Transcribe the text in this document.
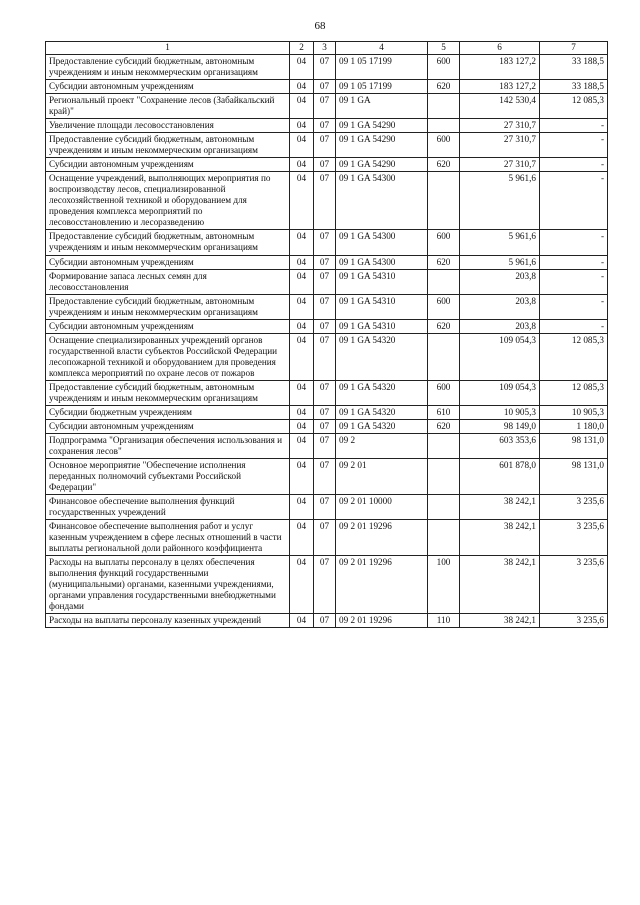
68
1	2	3	4	5	6	7
Предоставление субсидий бюджетным, автономным учреждениям и иным некоммерческим организациям	04	07	09 1 05 17199	600	183 127,2	33 188,5
Субсидии автономным учреждениям	04	07	09 1 05 17199	620	183 127,2	33 188,5
Региональный проект "Сохранение лесов (Забайкальский край)"	04	07	09 1 GA		142 530,4	12 085,3
Увеличение площади лесовосстановления	04	07	09 1 GA 54290		27 310,7	-
Предоставление субсидий бюджетным, автономным учреждениям и иным некоммерческим организациям	04	07	09 1 GA 54290	600	27 310,7	-
Субсидии автономным учреждениям	04	07	09 1 GA 54290	620	27 310,7	-
Оснащение учреждений, выполняющих мероприятия по воспроизводству лесов, специализированной лесохозяйственной техникой и оборудованием для проведения комплекса мероприятий по лесовосстановлению и лесоразведению	04	07	09 1 GA 54300		5 961,6	-
Предоставление субсидий бюджетным, автономным учреждениям и иным некоммерческим организациям	04	07	09 1 GA 54300	600	5 961,6	-
Субсидии автономным учреждениям	04	07	09 1 GA 54300	620	5 961,6	-
Формирование запаса лесных семян для лесовосстановления	04	07	09 1 GA 54310		203,8	-
Предоставление субсидий бюджетным, автономным учреждениям и иным некоммерческим организациям	04	07	09 1 GA 54310	600	203,8	-
Субсидии автономным учреждениям	04	07	09 1 GA 54310	620	203,8	-
Оснащение специализированных учреждений органов государственной власти субъектов Российской Федерации лесопожарной техникой и оборудованием для проведения комплекса мероприятий по охране лесов от пожаров	04	07	09 1 GA 54320		109 054,3	12 085,3
Предоставление субсидий бюджетным, автономным учреждениям и иным некоммерческим организациям	04	07	09 1 GA 54320	600	109 054,3	12 085,3
Субсидии бюджетным учреждениям	04	07	09 1 GA 54320	610	10 905,3	10 905,3
Субсидии автономным учреждениям	04	07	09 1 GA 54320	620	98 149,0	1 180,0
Подпрограмма "Организация обеспечения использования и сохранения лесов"	04	07	09 2		603 353,6	98 131,0
Основное мероприятие "Обеспечение исполнения переданных полномочий субъектами Российской Федерации"	04	07	09 2 01		601 878,0	98 131,0
Финансовое обеспечение выполнения функций государственных учреждений	04	07	09 2 01 10000		38 242,1	3 235,6
Финансовое обеспечение выполнения работ и услуг казенным учреждением в сфере лесных отношений в части выплаты региональной доли районного коэффициента	04	07	09 2 01 19296		38 242,1	3 235,6
Расходы на выплаты персоналу в целях обеспечения выполнения функций государственными (муниципальными) органами, казенными учреждениями, органами управления государственными внебюджетными фондами	04	07	09 2 01 19296	100	38 242,1	3 235,6
Расходы на выплаты персоналу казенных учреждений	04	07	09 2 01 19296	110	38 242,1	3 235,6
